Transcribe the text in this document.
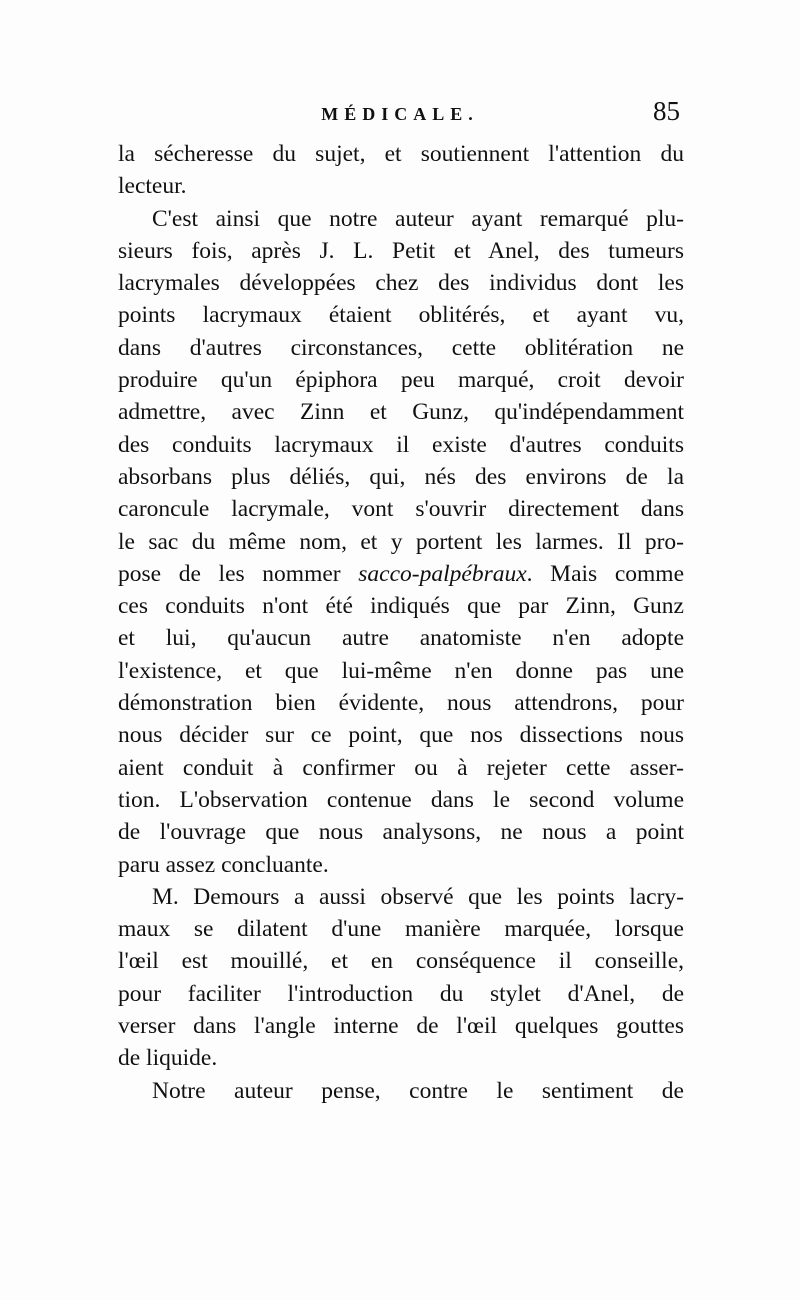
MÉDICALE.	85
la sécheresse du sujet, et soutiennent l'attention du
lecteur.
C'est ainsi que notre auteur ayant remarqué plu-
sieurs fois, après J. L. Petit et Anel, des tumeurs
lacrymales développées chez des individus dont les
points lacrymaux étaient oblitérés, et ayant vu,
dans d'autres circonstances, cette oblitération ne
produire qu'un épiphora peu marqué, croit devoir
admettre, avec Zinn et Gunz, qu'indépendamment
des conduits lacrymaux il existe d'autres conduits
absorbans plus déliés, qui, nés des environs de la
caroncule lacrymale, vont s'ouvrir directement dans
le sac du même nom, et y portent les larmes. Il pro-
pose de les nommer sacco-palpébraux. Mais comme
ces conduits n'ont été indiqués que par Zinn, Gunz
et lui, qu'aucun autre anatomiste n'en adopte
l'existence, et que lui-même n'en donne pas une
démonstration bien évidente, nous attendrons, pour
nous décider sur ce point, que nos dissections nous
aient conduit à confirmer ou à rejeter cette asser-
tion. L'observation contenue dans le second volume
de l'ouvrage que nous analysons, ne nous a point
paru assez concluante.
M. Demours a aussi observé que les points lacry-
maux se dilatent d'une manière marquée, lorsque
l'œil est mouillé, et en conséquence il conseille,
pour faciliter l'introduction du stylet d'Anel, de
verser dans l'angle interne de l'œil quelques gouttes
de liquide.
Notre auteur pense, contre le sentiment de
